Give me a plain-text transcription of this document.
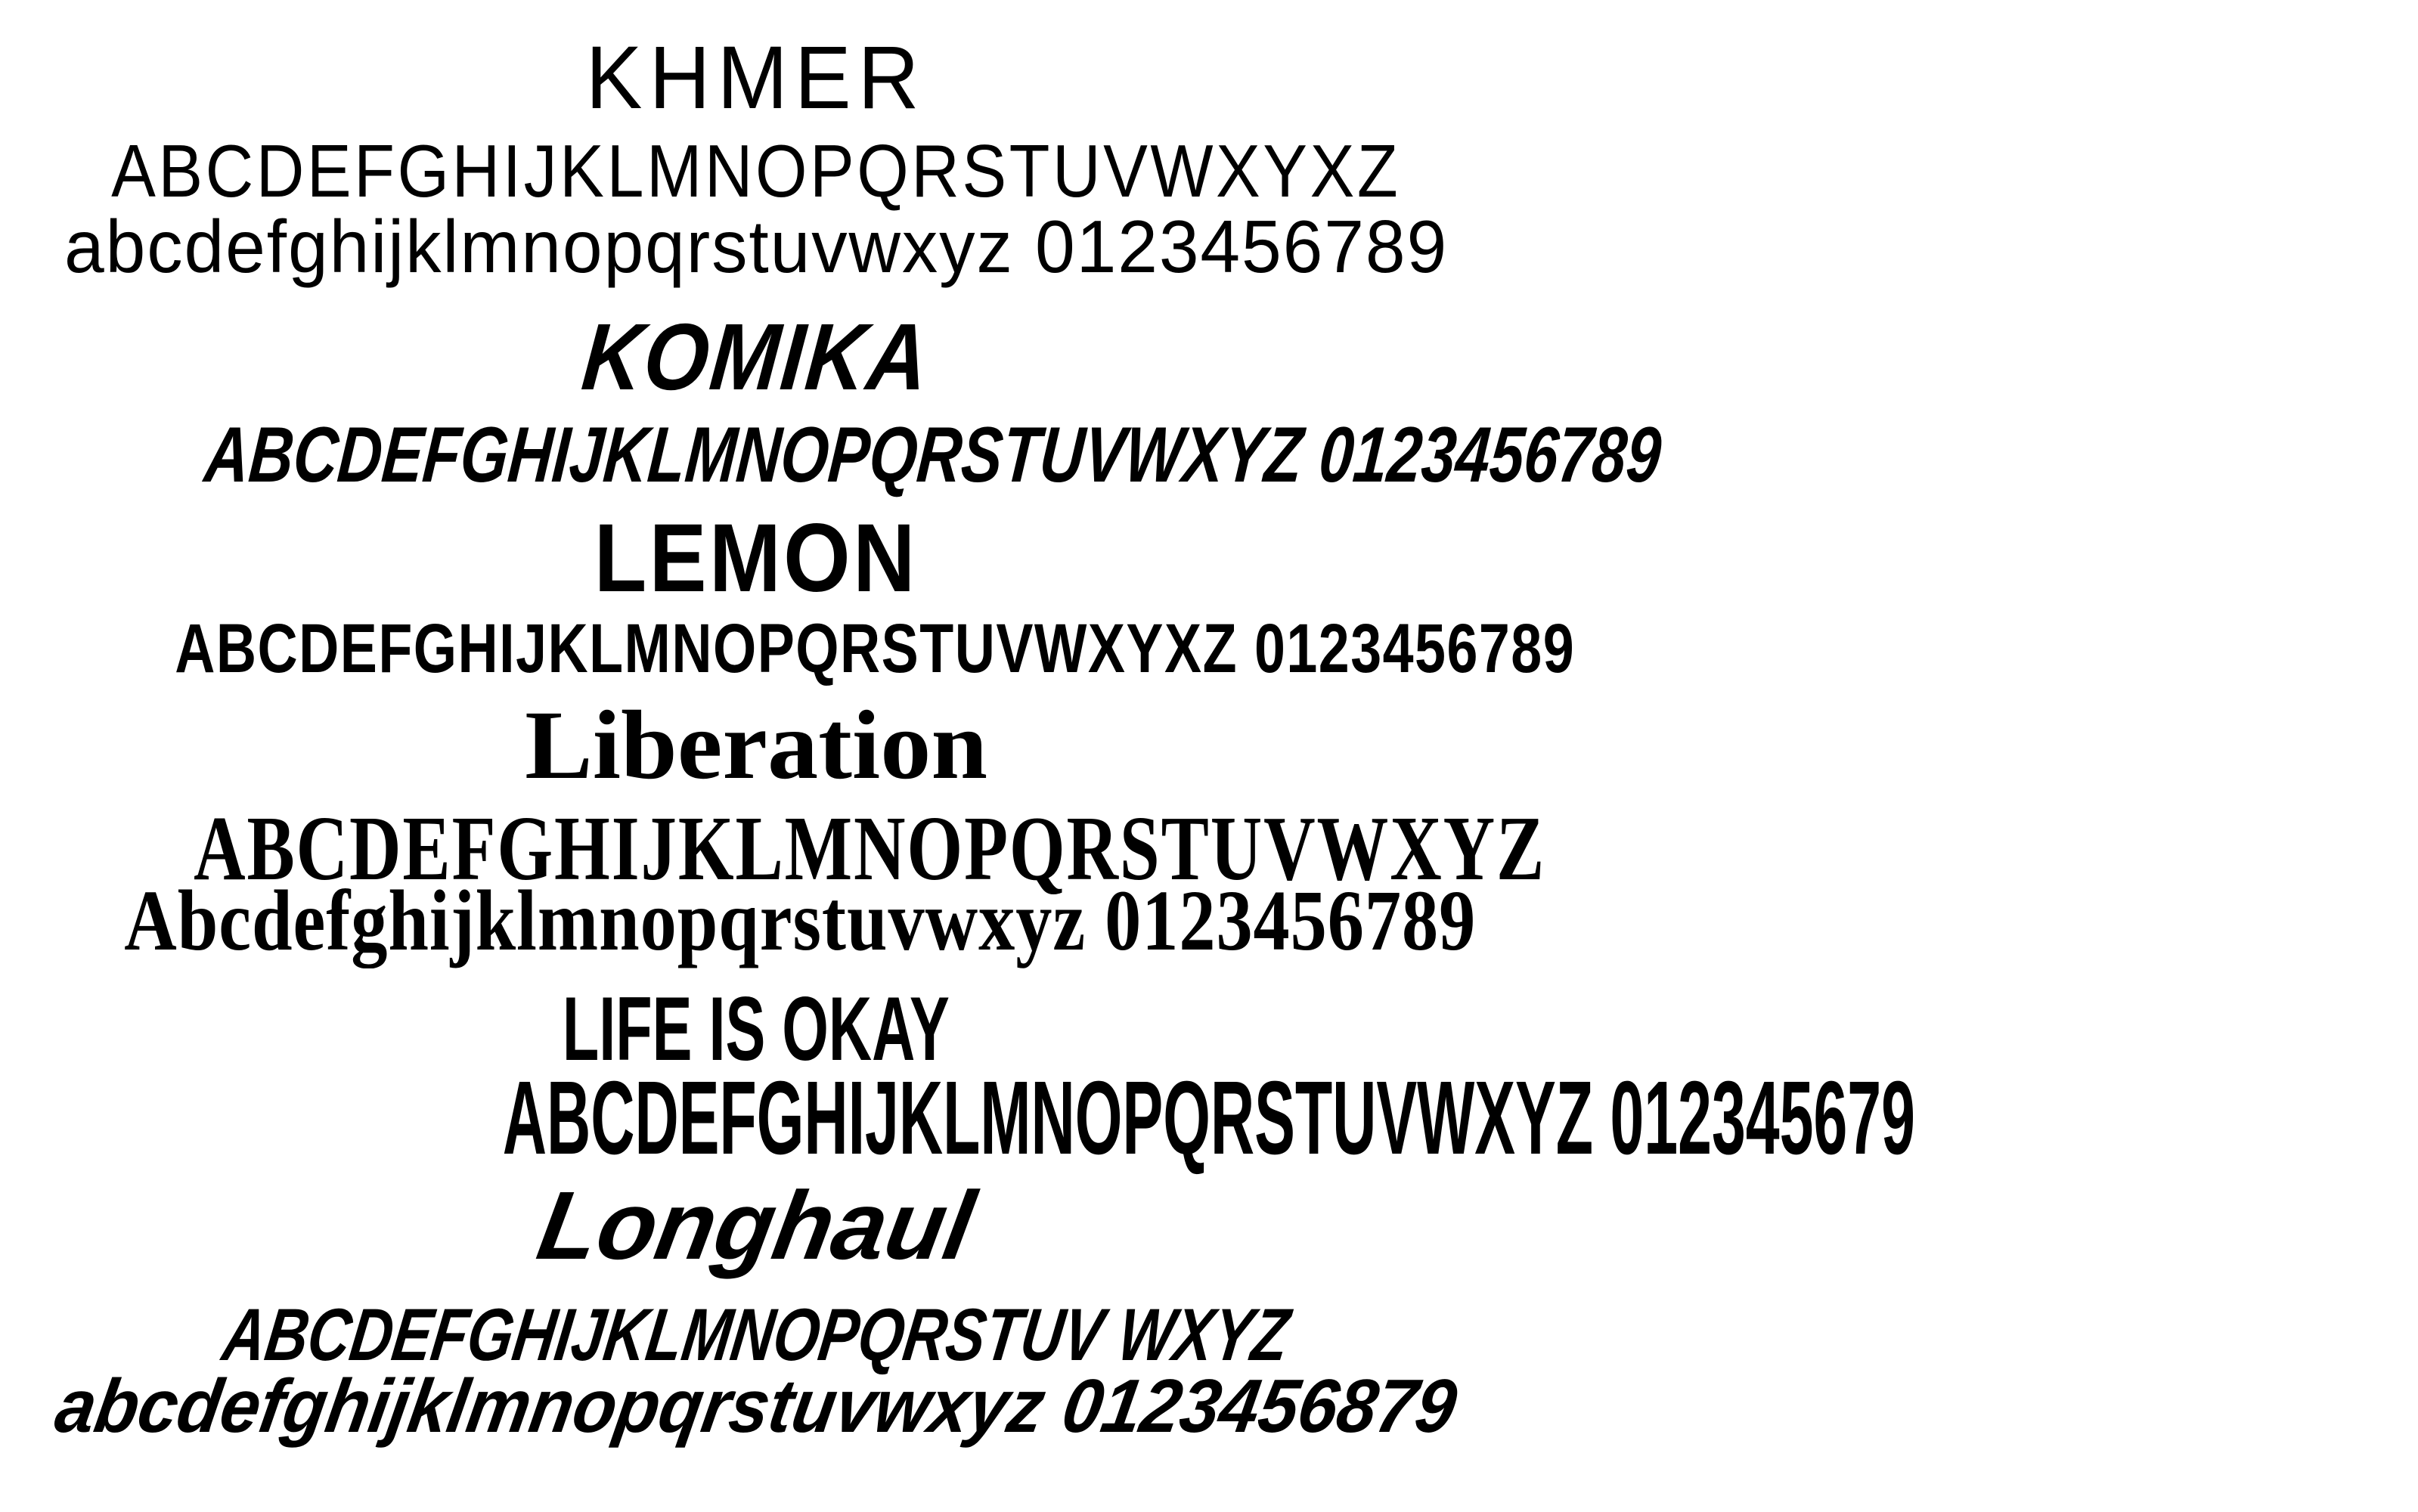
KHMER
ABCDEFGHIJKLMNOPQRSTUVWXYXZ
abcdefghijklmnopqrstuvwxyz 0123456789
KOMIKA
ABCDEFGHIJKLMNOPQRSTUVWXYZ 0123456789
LEMON
ABCDEFGHIJKLMNOPQRSTUVWXYXZ 0123456789
Liberation
ABCDEFGHIJKLMNOPQRSTUVWXYZ
Abcdefghijklmnopqrstuvwxyz 0123456789
LIFE IS OKAY
ABCDEFGHIJKLMNOPQRSTUVWXYZ 012345679
Longhaul
ABCDEFGHIJKLMNOPQRSTUV WXYZ
abcdefghijklmnopqrstuvwxyz 0123456879
